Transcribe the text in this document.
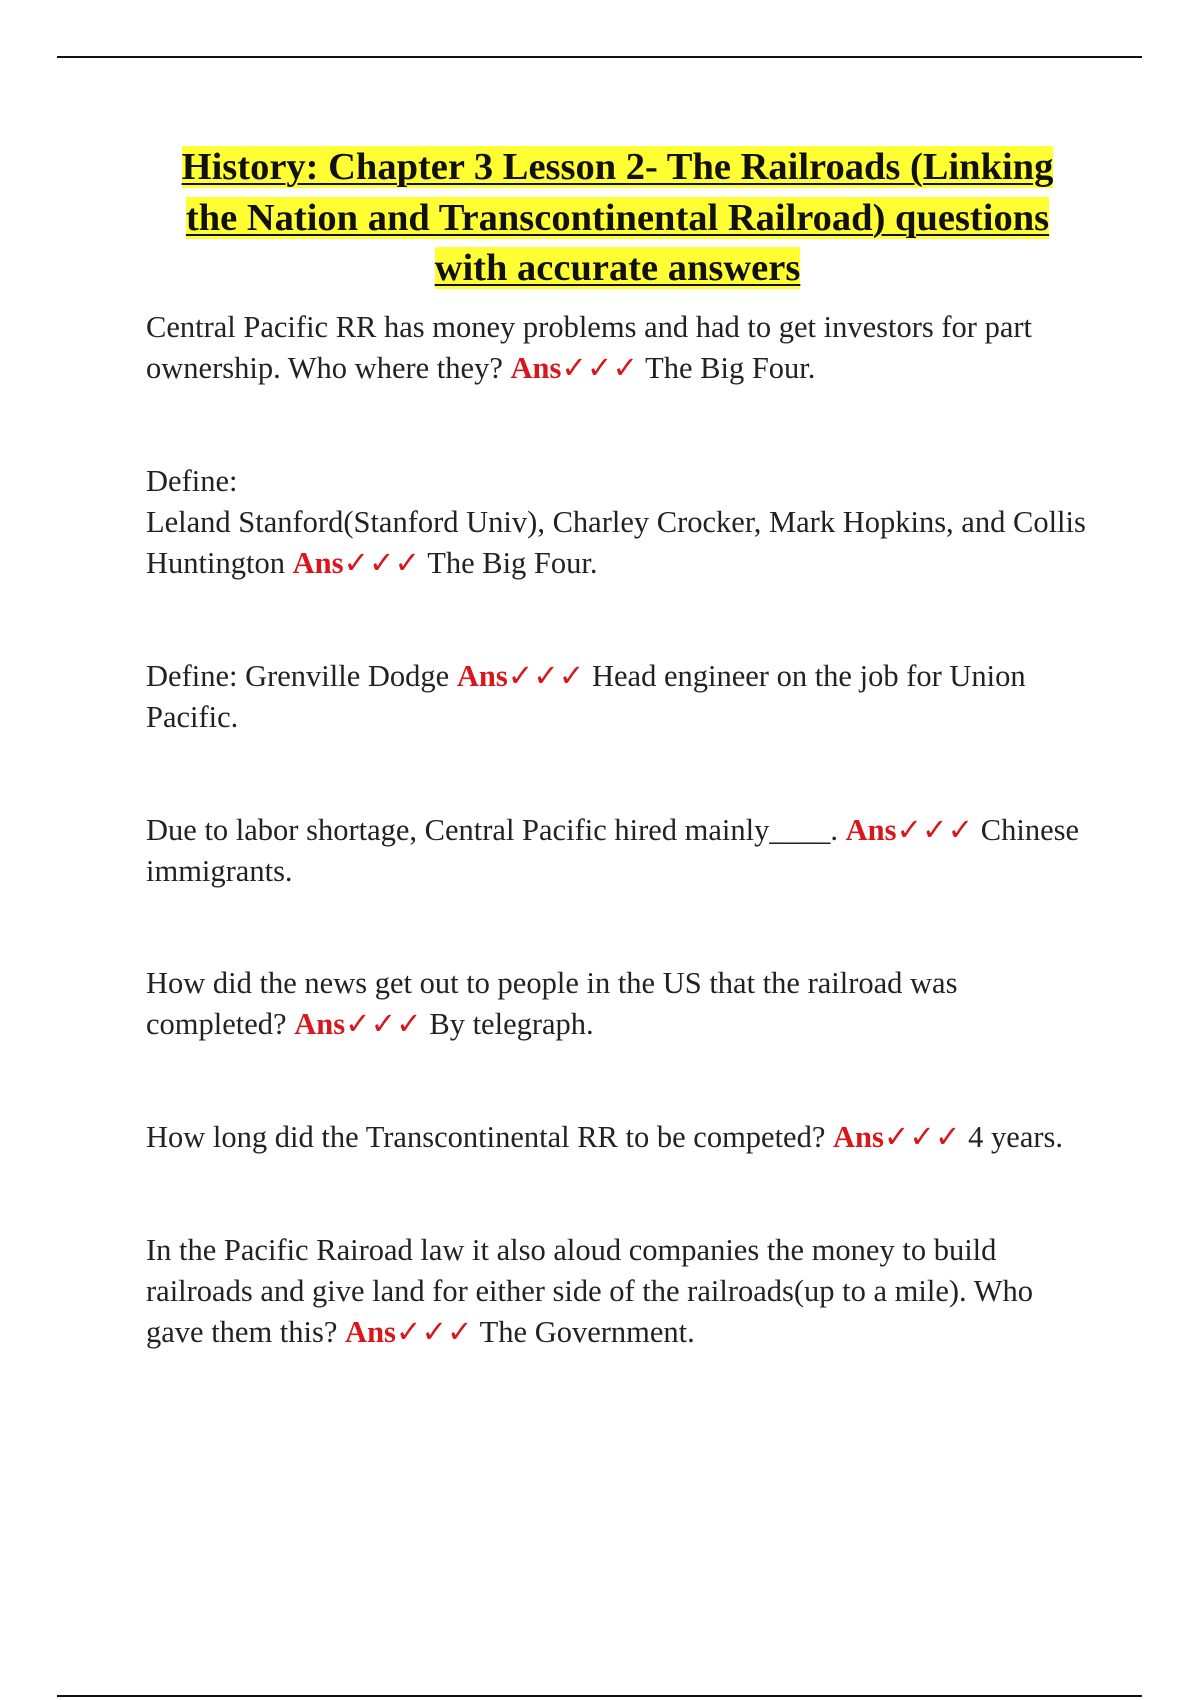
History: Chapter 3 Lesson 2- The Railroads (Linking
the Nation and Transcontinental Railroad) questions
with accurate answers

Central Pacific RR has money problems and had to get investors for part ownership. Who where they? Ans✓✓✓ The Big Four.

Define:

Leland Stanford(Stanford Univ), Charley Crocker, Mark Hopkins, and Collis Huntington Ans✓✓✓ The Big Four.

Define: Grenville Dodge Ans✓✓✓ Head engineer on the job for Union Pacific.

Due to labor shortage, Central Pacific hired mainly____. Ans✓✓✓ Chinese immigrants.

How did the news get out to people in the US that the railroad was completed? Ans✓✓✓ By telegraph.

How long did the Transcontinental RR to be competed? Ans✓✓✓ 4 years.

In the Pacific Rairoad law it also aloud companies the money to build railroads and give land for either side of the railroads(up to a mile). Who gave them this? Ans✓✓✓ The Government.
